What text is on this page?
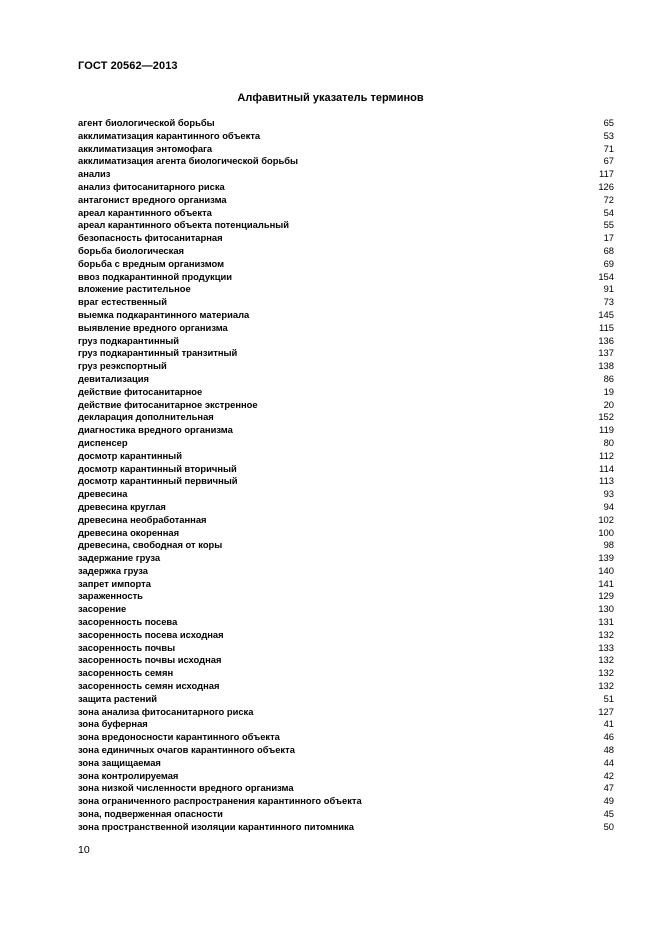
ГОСТ 20562—2013
Алфавитный указатель терминов
агент биологической борьбы	65
акклиматизация карантинного объекта	53
акклиматизация энтомофага	71
акклиматизация агента биологической борьбы	67
анализ	117
анализ фитосанитарного риска	126
антагонист вредного организма	72
ареал карантинного объекта	54
ареал карантинного объекта потенциальный	55
безопасность фитосанитарная	17
борьба биологическая	68
борьба с вредным организмом	69
ввоз подкарантинной продукции	154
вложение растительное	91
враг естественный	73
выемка подкарантинного материала	145
выявление вредного организма	115
груз подкарантинный	136
груз подкарантинный транзитный	137
груз реэкспортный	138
девитализация	86
действие фитосанитарное	19
действие фитосанитарное экстренное	20
декларация дополнительная	152
диагностика вредного организма	119
диспенсер	80
досмотр карантинный	112
досмотр карантинный вторичный	114
досмотр карантинный первичный	113
древесина	93
древесина круглая	94
древесина необработанная	102
древесина окоренная	100
древесина, свободная от коры	98
задержание груза	139
задержка груза	140
запрет импорта	141
зараженность	129
засорение	130
засоренность посева	131
засоренность посева исходная	132
засоренность почвы	133
засоренность почвы исходная	132
засоренность семян	132
засоренность семян исходная	132
защита растений	51
зона анализа фитосанитарного риска	127
зона буферная	41
зона вредоносности карантинного объекта	46
зона единичных очагов карантинного объекта	48
зона защищаемая	44
зона контролируемая	42
зона низкой численности вредного организма	47
зона ограниченного распространения карантинного объекта	49
зона, подверженная опасности	45
зона пространственной изоляции карантинного питомника	50
10
